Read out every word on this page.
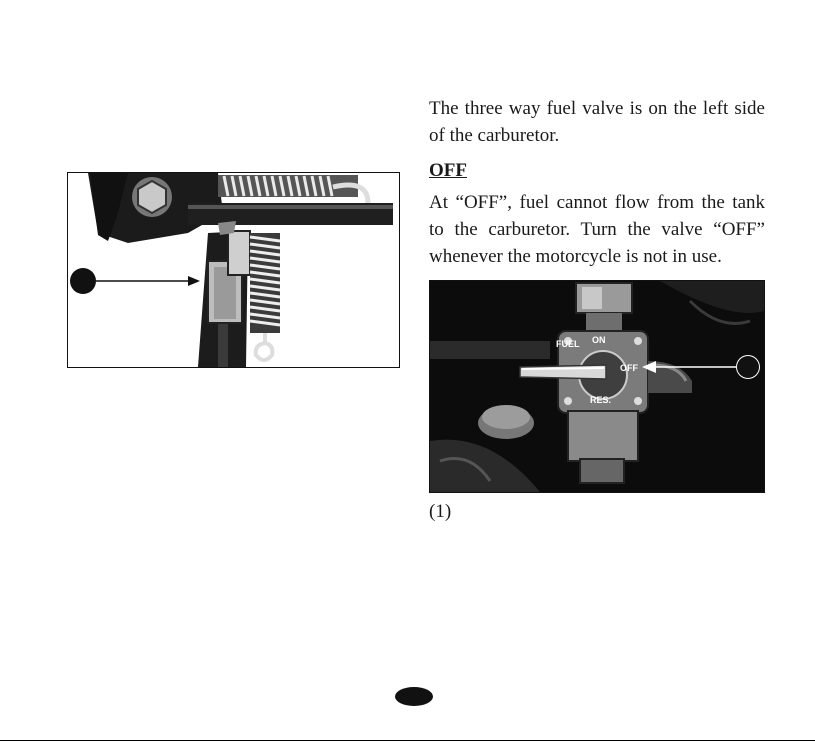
The three way fuel valve is on the left side of the carburetor.

OFF
At “OFF”, fuel cannot flow from the tank
to the carburetor. Turn the valve “OFF”
whenever the motorcycle is not in use.
FUEL ON
OFF
RES.
(1)
